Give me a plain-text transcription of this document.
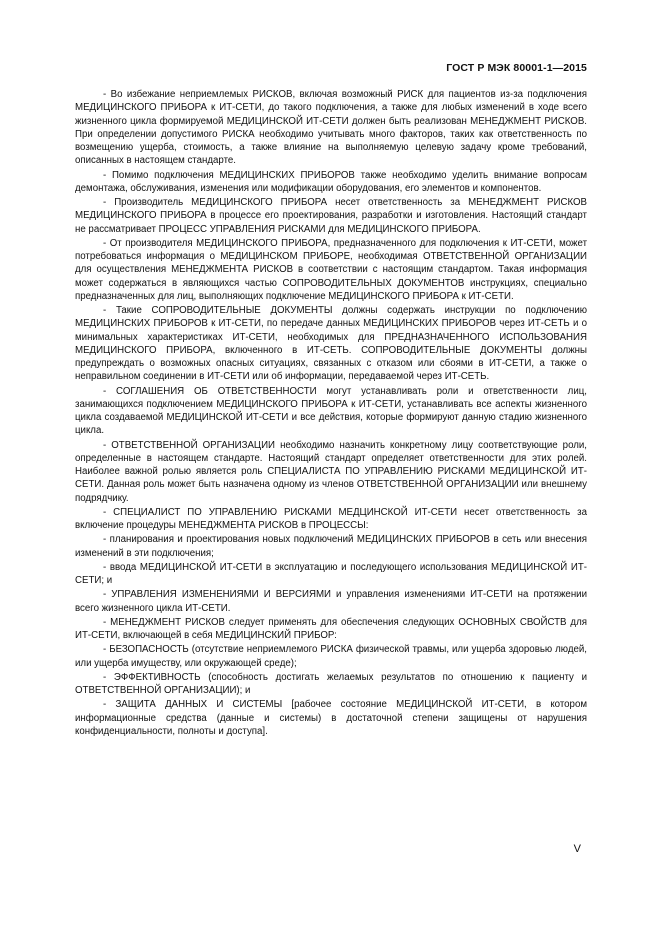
ГОСТ Р МЭК 80001-1—2015

- Во избежание неприемлемых РИСКОВ, включая возможный РИСК для пациентов из-за подключения МЕДИЦИНСКОГО ПРИБОРА к ИТ-СЕТИ, до такого подключения, а также для любых изменений в ходе всего жизненного цикла формируемой МЕДИЦИНСКОЙ ИТ-СЕТИ должен быть реализован МЕНЕДЖМЕНТ РИСКОВ. При определении допустимого РИСКА необходимо учитывать много факторов, таких как ответственность по возмещению ущерба, стоимость, а также влияние на выполняемую целевую задачу кроме требований, описанных в настоящем стандарте.

- Помимо подключения МЕДИЦИНСКИХ ПРИБОРОВ также необходимо уделить внимание вопросам демонтажа, обслуживания, изменения или модификации оборудования, его элементов и компонентов.

- Производитель МЕДИЦИНСКОГО ПРИБОРА несет ответственность за МЕНЕДЖМЕНТ РИСКОВ МЕДИЦИНСКОГО ПРИБОРА в процессе его проектирования, разработки и изготовления. Настоящий стандарт не рассматривает ПРОЦЕСС УПРАВЛЕНИЯ РИСКАМИ для МЕДИЦИНСКОГО ПРИБОРА.

- От производителя МЕДИЦИНСКОГО ПРИБОРА, предназначенного для подключения к ИТ-СЕТИ, может потребоваться информация о МЕДИЦИНСКОМ ПРИБОРЕ, необходимая ОТВЕТСТВЕННОЙ ОРГАНИЗАЦИИ для осуществления МЕНЕДЖМЕНТА РИСКОВ в соответствии с настоящим стандартом. Такая информация может содержаться в являющихся частью СОПРОВОДИТЕЛЬНЫХ ДОКУМЕНТОВ инструкциях, специально предназначенных для лиц, выполняющих подключение МЕДИЦИНСКОГО ПРИБОРА к ИТ-СЕТИ.

- Такие СОПРОВОДИТЕЛЬНЫЕ ДОКУМЕНТЫ должны содержать инструкции по подключению МЕДИЦИНСКИХ ПРИБОРОВ к ИТ-СЕТИ, по передаче данных МЕДИЦИНСКИХ ПРИБОРОВ через ИТ-СЕТЬ и о минимальных характеристиках ИТ-СЕТИ, необходимых для ПРЕДНАЗНАЧЕННОГО ИСПОЛЬЗОВАНИЯ МЕДИЦИНСКОГО ПРИБОРА, включенного в ИТ-СЕТЬ. СОПРОВОДИТЕЛЬНЫЕ ДОКУМЕНТЫ должны предупреждать о возможных опасных ситуациях, связанных с отказом или сбоями в ИТ-СЕТИ, а также о неправильном соединении в ИТ-СЕТИ или об информации, передаваемой через ИТ-СЕТЬ.

- СОГЛАШЕНИЯ ОБ ОТВЕТСТВЕННОСТИ могут устанавливать роли и ответственности лиц, занимающихся подключением МЕДИЦИНСКОГО ПРИБОРА к ИТ-СЕТИ, устанавливать все аспекты жизненного цикла создаваемой МЕДИЦИНСКОЙ ИТ-СЕТИ и все действия, которые формируют данную стадию жизненного цикла.

- ОТВЕТСТВЕННОЙ ОРГАНИЗАЦИИ необходимо назначить конкретному лицу соответствующие роли, определенные в настоящем стандарте. Настоящий стандарт определяет ответственности для этих ролей. Наиболее важной ролью является роль СПЕЦИАЛИСТА ПО УПРАВЛЕНИЮ РИСКАМИ МЕДИЦИНСКОЙ ИТ-СЕТИ. Данная роль может быть назначена одному из членов ОТВЕТСТВЕННОЙ ОРГАНИЗАЦИИ или внешнему подрядчику.

- СПЕЦИАЛИСТ ПО УПРАВЛЕНИЮ РИСКАМИ МЕДЦИНСКОЙ ИТ-СЕТИ несет ответственность за включение процедуры МЕНЕДЖМЕНТА РИСКОВ в ПРОЦЕССЫ:

- планирования и проектирования новых подключений МЕДИЦИНСКИХ ПРИБОРОВ в сеть или внесения изменений в эти подключения;

- ввода МЕДИЦИНСКОЙ ИТ-СЕТИ в эксплуатацию и последующего использования МЕДИЦИНСКОЙ ИТ-СЕТИ; и

- УПРАВЛЕНИЯ ИЗМЕНЕНИЯМИ И ВЕРСИЯМИ и управления изменениями ИТ-СЕТИ на протяжении всего жизненного цикла ИТ-СЕТИ.

- МЕНЕДЖМЕНТ РИСКОВ следует применять для обеспечения следующих ОСНОВНЫХ СВОЙСТВ для ИТ-СЕТИ, включающей в себя МЕДИЦИНСКИЙ ПРИБОР:

- БЕЗОПАСНОСТЬ (отсутствие неприемлемого РИСКА физической травмы, или ущерба здоровью людей, или ущерба имуществу, или окружающей среде);

- ЭФФЕКТИВНОСТЬ (способность достигать желаемых результатов по отношению к пациенту и ОТВЕТСТВЕННОЙ ОРГАНИЗАЦИИ); и

- ЗАЩИТА ДАННЫХ И СИСТЕМЫ [рабочее состояние МЕДИЦИНСКОЙ ИТ-СЕТИ, в котором информационные средства (данные и системы) в достаточной степени защищены от нарушения конфиденциальности, полноты и доступа].

V
